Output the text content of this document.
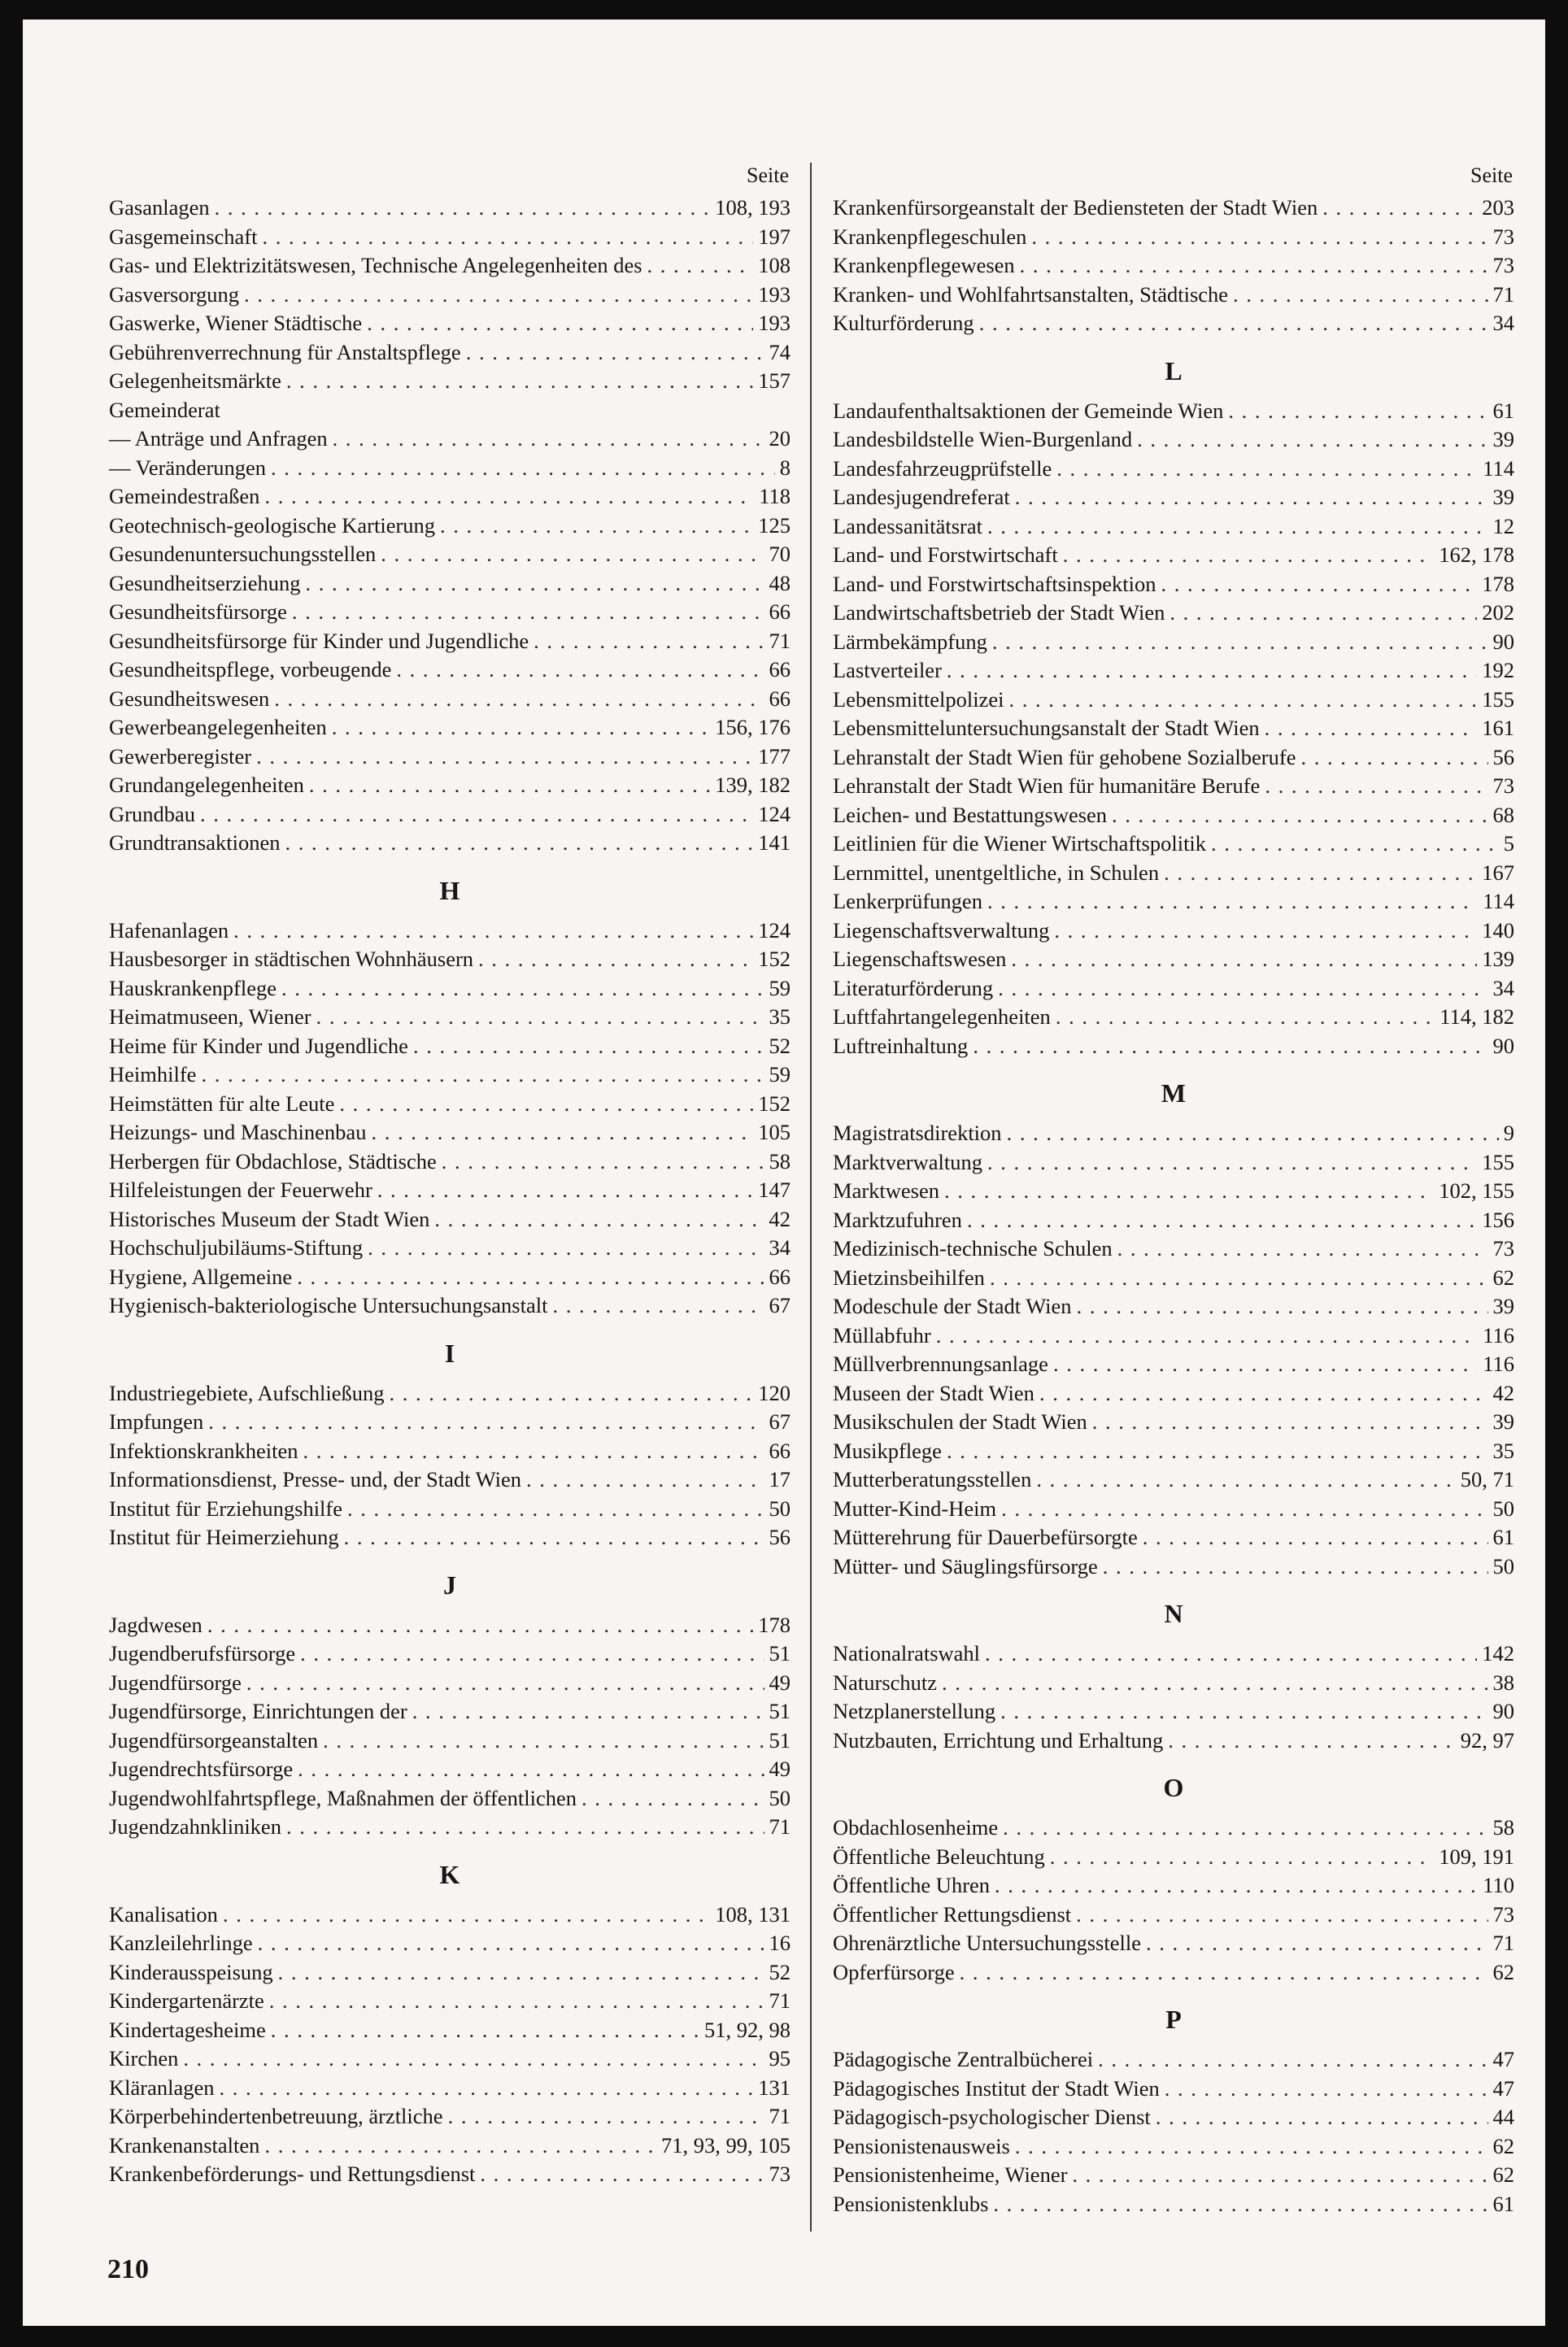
Seite
Gasanlagen . . .	108, 193
Gasgemeinschaft . . .	197
Gas- und Elektrizitätswesen, Technische Angelegenheiten des . . .	108
Gasversorgung . . .	193
Gaswerke, Wiener Städtische . . .	193
Gebührenverrechnung für Anstaltspflege . . .	74
Gelegenheitsmärkte . . .	157
Gemeinderat
— Anträge und Anfragen . . .	20
— Veränderungen . . .	8
Gemeindestraßen . . .	118
Geotechnisch-geologische Kartierung . . .	125
Gesundenuntersuchungsstellen . . .	70
Gesundheitserziehung . . .	48
Gesundheitsfürsorge . . .	66
Gesundheitsfürsorge für Kinder und Jugendliche . . .	71
Gesundheitspflege, vorbeugende . . .	66
Gesundheitswesen . . .	66
Gewerbeangelegenheiten . . .	156, 176
Gewerberegister . . .	177
Grundangelegenheiten . . .	139, 182
Grundbau . . .	124
Grundtransaktionen . . .	141
H
Hafenanlagen . . .	124
Hausbesorger in städtischen Wohnhäusern . . .	152
Hauskrankenpflege . . .	59
Heimatmuseen, Wiener . . .	35
Heime für Kinder und Jugendliche . . .	52
Heimhilfe . . .	59
Heimstätten für alte Leute . . .	152
Heizungs- und Maschinenbau . . .	105
Herbergen für Obdachlose, Städtische . . .	58
Hilfeleistungen der Feuerwehr . . .	147
Historisches Museum der Stadt Wien . . .	42
Hochschuljubiläums-Stiftung . . .	34
Hygiene, Allgemeine . . .	66
Hygienisch-bakteriologische Untersuchungsanstalt . . .	67
I
Industriegebiete, Aufschließung . . .	120
Impfungen . . .	67
Infektionskrankheiten . . .	66
Informationsdienst, Presse- und, der Stadt Wien . . .	17
Institut für Erziehungshilfe . . .	50
Institut für Heimerziehung . . .	56
J
Jagdwesen . . .	178
Jugendberufsfürsorge . . .	51
Jugendfürsorge . . .	49
Jugendfürsorge, Einrichtungen der . . .	51
Jugendfürsorgeanstalten . . .	51
Jugendrechtsfürsorge . . .	49
Jugendwohlfahrtspflege, Maßnahmen der öffentlichen . . .	50
Jugendzahnkliniken . . .	71
K
Kanalisation . . .	108, 131
Kanzleilehrlinge . . .	16
Kinderausspeisung . . .	52
Kindergartenärzte . . .	71
Kindertagesheime . . .	51, 92, 98
Kirchen . . .	95
Kläranlagen . . .	131
Körperbehindertenbetreuung, ärztliche . . .	71
Krankenanstalten . . .	71, 93, 99, 105
Krankenbeförderungs- und Rettungsdienst . . .	73
Seite
Krankenfürsorgeanstalt der Bediensteten der Stadt Wien . . .	203
Krankenpflegeschulen . . .	73
Krankenpflegewesen . . .	73
Kranken- und Wohlfahrtsanstalten, Städtische . . .	71
Kulturförderung . . .	34
L
Landaufenthaltsaktionen der Gemeinde Wien . . .	61
Landesbildstelle Wien-Burgenland . . .	39
Landesfahrzeugprüfstelle . . .	114
Landesjugendreferat . . .	39
Landessanitätsrat . . .	12
Land- und Forstwirtschaft . . .	162, 178
Land- und Forstwirtschaftsinspektion . . .	178
Landwirtschaftsbetrieb der Stadt Wien . . .	202
Lärmbekämpfung . . .	90
Lastverteiler . . .	192
Lebensmittelpolizei . . .	155
Lebensmitteluntersuchungsanstalt der Stadt Wien . . .	161
Lehranstalt der Stadt Wien für gehobene Sozialberufe . . .	56
Lehranstalt der Stadt Wien für humanitäre Berufe . . .	73
Leichen- und Bestattungswesen . . .	68
Leitlinien für die Wiener Wirtschaftspolitik . . .	5
Lernmittel, unentgeltliche, in Schulen . . .	167
Lenkerprüfungen . . .	114
Liegenschaftsverwaltung . . .	140
Liegenschaftswesen . . .	139
Literaturförderung . . .	34
Luftfahrtangelegenheiten . . .	114, 182
Luftreinhaltung . . .	90
M
Magistratsdirektion . . .	9
Marktverwaltung . . .	155
Marktwesen . . .	102, 155
Marktzufuhren . . .	156
Medizinisch-technische Schulen . . .	73
Mietzinsbeihilfen . . .	62
Modeschule der Stadt Wien . . .	39
Müllabfuhr . . .	116
Müllverbrennungsanlage . . .	116
Museen der Stadt Wien . . .	42
Musikschulen der Stadt Wien . . .	39
Musikpflege . . .	35
Mutterberatungsstellen . . .	50, 71
Mutter-Kind-Heim . . .	50
Mütterehrung für Dauerbefürsorgte . . .	61
Mütter- und Säuglingsfürsorge . . .	50
N
Nationalratswahl . . .	142
Naturschutz . . .	38
Netzplanerstellung . . .	90
Nutzbauten, Errichtung und Erhaltung . . .	92, 97
O
Obdachlosenheime . . .	58
Öffentliche Beleuchtung . . .	109, 191
Öffentliche Uhren . . .	110
Öffentlicher Rettungsdienst . . .	73
Ohrenärztliche Untersuchungsstelle . . .	71
Opferfürsorge . . .	62
P
Pädagogische Zentralbücherei . . .	47
Pädagogisches Institut der Stadt Wien . . .	47
Pädagogisch-psychologischer Dienst . . .	44
Pensionistenausweis . . .	62
Pensionistenheime, Wiener . . .	62
Pensionistenklubs . . .	61
210
